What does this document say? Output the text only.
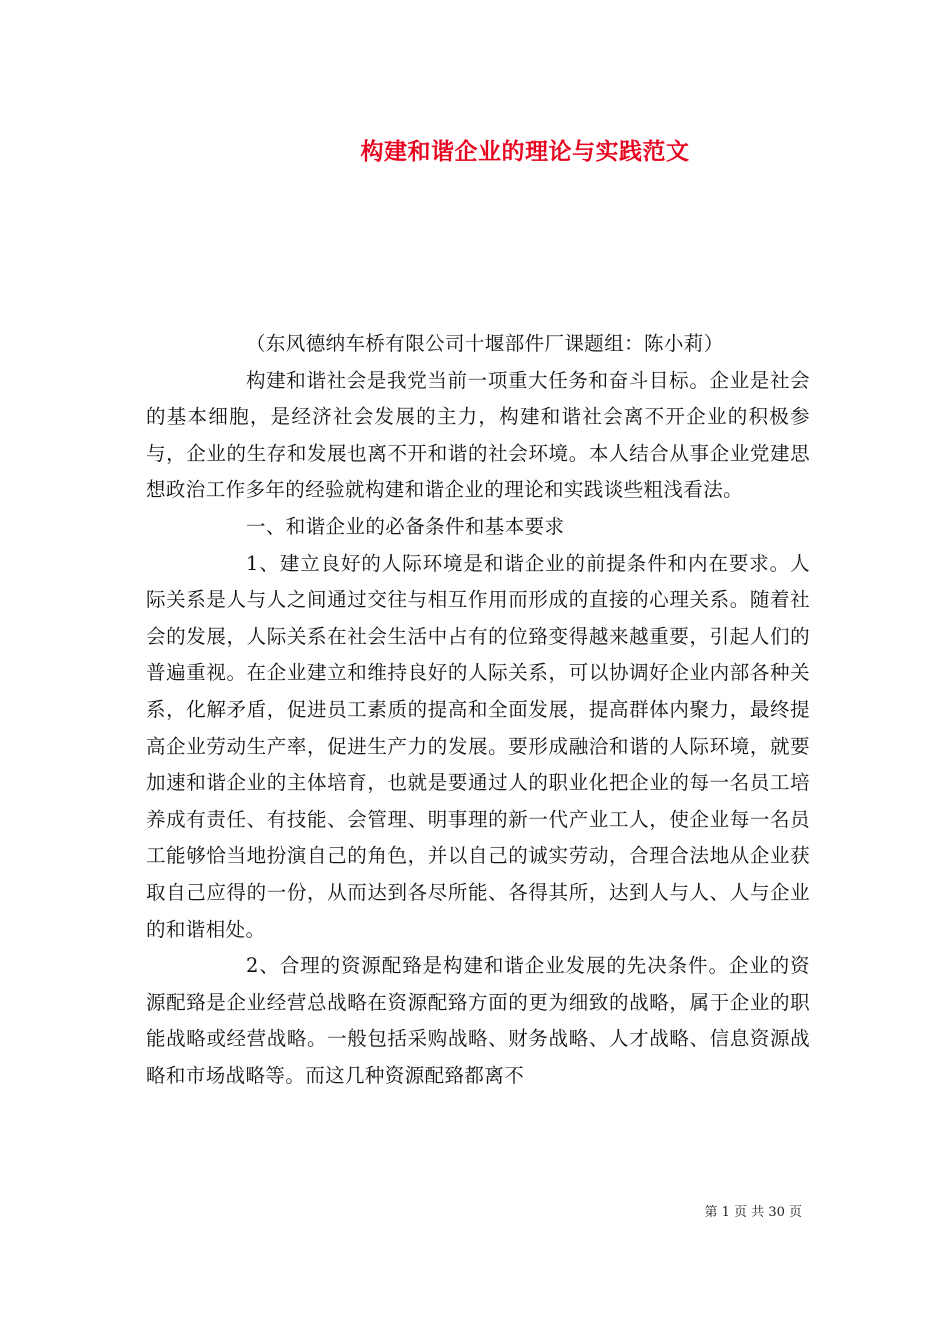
构建和谐企业的理论与实践范文

（东风德纳车桥有限公司十堰部件厂课题组：陈小莉）

构建和谐社会是我党当前一项重大任务和奋斗目标。企业是社会的基本细胞，是经济社会发展的主力，构建和谐社会离不开企业的积极参与，企业的生存和发展也离不开和谐的社会环境。本人结合从事企业党建思想政治工作多年的经验就构建和谐企业的理论和实践谈些粗浅看法。

一、和谐企业的必备条件和基本要求

1、建立良好的人际环境是和谐企业的前提条件和内在要求。人际关系是人与人之间通过交往与相互作用而形成的直接的心理关系。随着社会的发展，人际关系在社会生活中占有的位臵变得越来越重要，引起人们的普遍重视。在企业建立和维持良好的人际关系，可以协调好企业内部各种关系，化解矛盾，促进员工素质的提高和全面发展，提高群体内聚力，最终提高企业劳动生产率，促进生产力的发展。要形成融洽和谐的人际环境，就要加速和谐企业的主体培育，也就是要通过人的职业化把企业的每一名员工培养成有责任、有技能、会管理、明事理的新一代产业工人，使企业每一名员工能够恰当地扮演自己的角色，并以自己的诚实劳动，合理合法地从企业获取自己应得的一份，从而达到各尽所能、各得其所，达到人与人、人与企业的和谐相处。

2、合理的资源配臵是构建和谐企业发展的先决条件。企业的资源配臵是企业经营总战略在资源配臵方面的更为细致的战略，属于企业的职能战略或经营战略。一般包括采购战略、财务战略、人才战略、信息资源战略和市场战略等。而这几种资源配臵都离不

第 1 页 共 30 页
